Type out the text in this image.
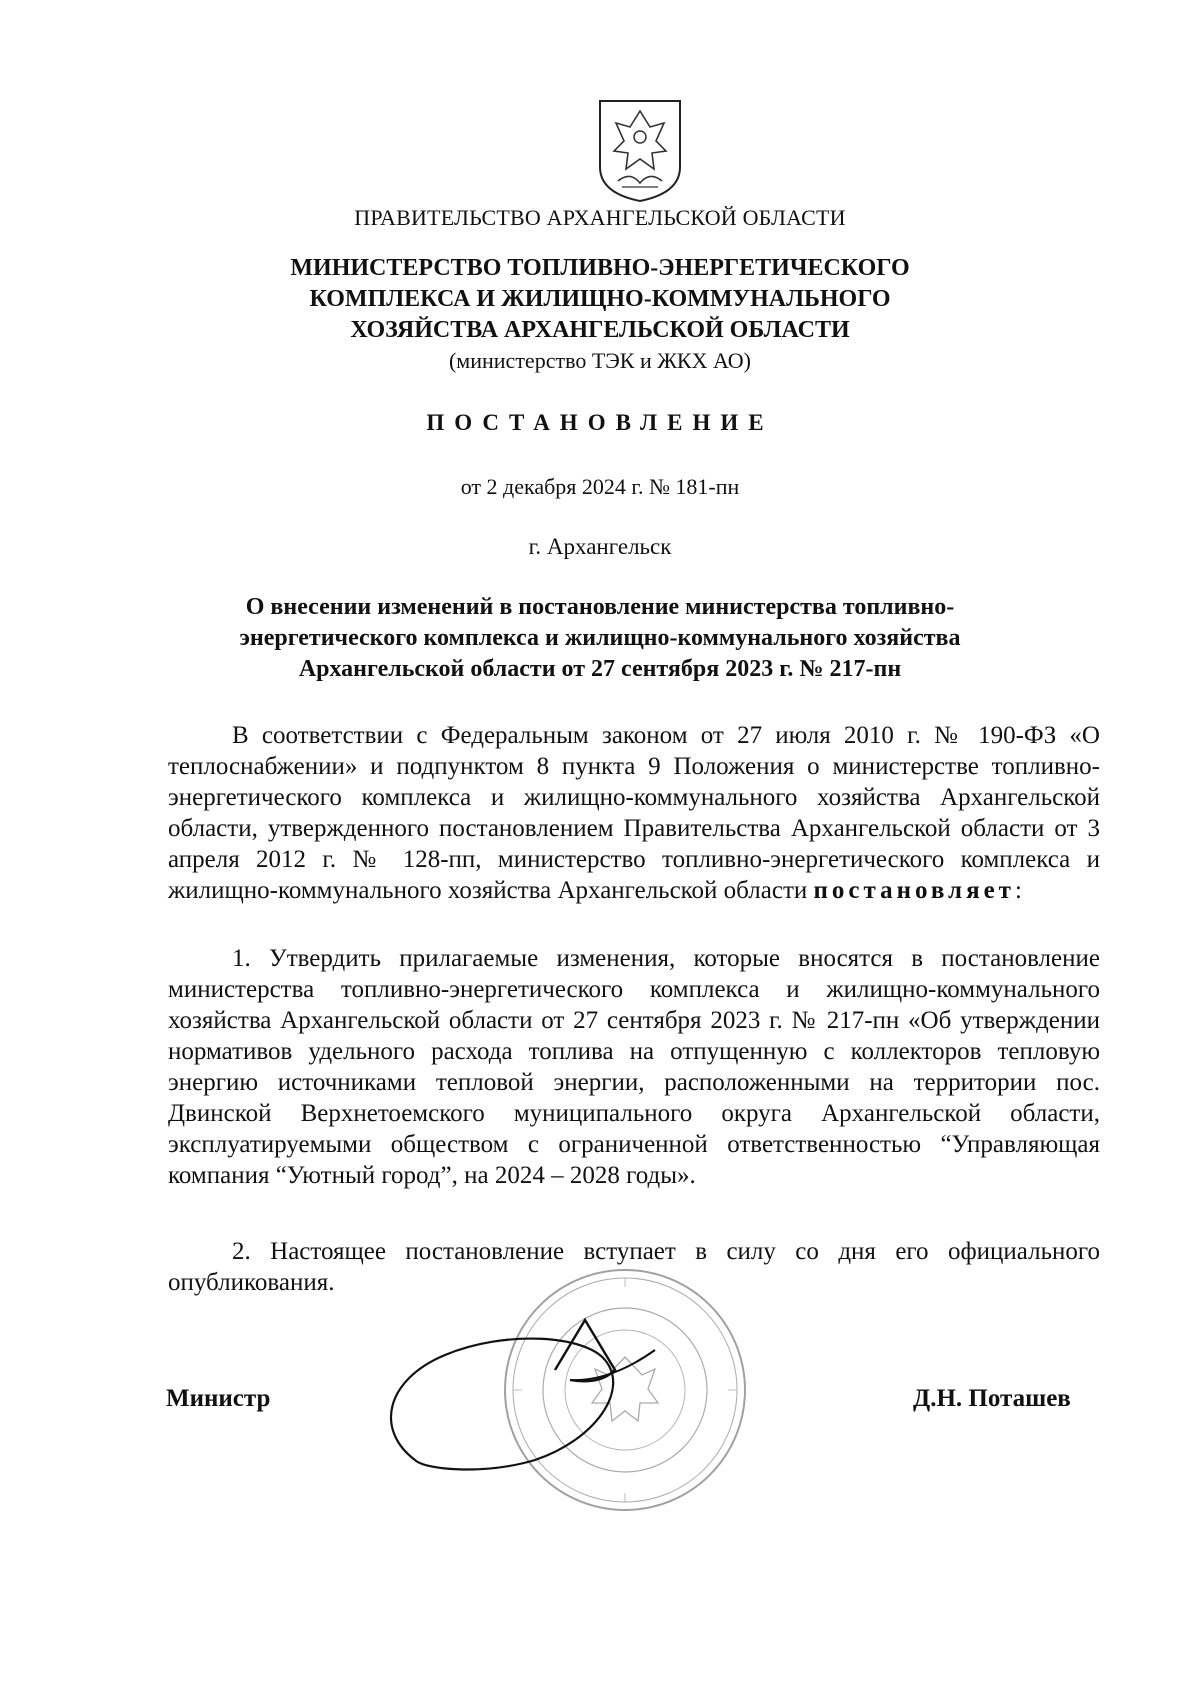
ПРАВИТЕЛЬСТВО АРХАНГЕЛЬСКОЙ ОБЛАСТИ
МИНИСТЕРСТВО ТОПЛИВНО-ЭНЕРГЕТИЧЕСКОГО
КОМПЛЕКСА И ЖИЛИЩНО-КОММУНАЛЬНОГО
ХОЗЯЙСТВА АРХАНГЕЛЬСКОЙ ОБЛАСТИ
(министерство ТЭК и ЖКХ АО)
ПОСТАНОВЛЕНИЕ
от 2 декабря 2024 г. № 181-пн
г. Архангельск
О внесении изменений в постановление министерства топливно-
энергетического комплекса и жилищно-коммунального хозяйства
Архангельской области от 27 сентября 2023 г. № 217-пн
В соответствии с Федеральным законом от 27 июля 2010 г. № 190-ФЗ «О теплоснабжении» и подпунктом 8 пункта 9 Положения о министерстве топливно-энергетического комплекса и жилищно-коммунального хозяйства Архангельской области, утвержденного постановлением Правительства Архангельской области от 3 апреля 2012 г. № 128-пп, министерство топливно-энергетического комплекса и жилищно-коммунального хозяйства Архангельской области постановляет:
1. Утвердить прилагаемые изменения, которые вносятся в постановление министерства топливно-энергетического комплекса и жилищно-коммунального хозяйства Архангельской области от 27 сентября 2023 г. № 217-пн «Об утверждении нормативов удельного расхода топлива на отпущенную с коллекторов тепловую энергию источниками тепловой энергии, расположенными на территории пос. Двинской Верхнетоемского муниципального округа Архангельской области, эксплуатируемыми обществом с ограниченной ответственностью “Управляющая компания “Уютный город”, на 2024 – 2028 годы».
2. Настоящее постановление вступает в силу со дня его официального опубликования.
Министр	Д.Н. Поташев
